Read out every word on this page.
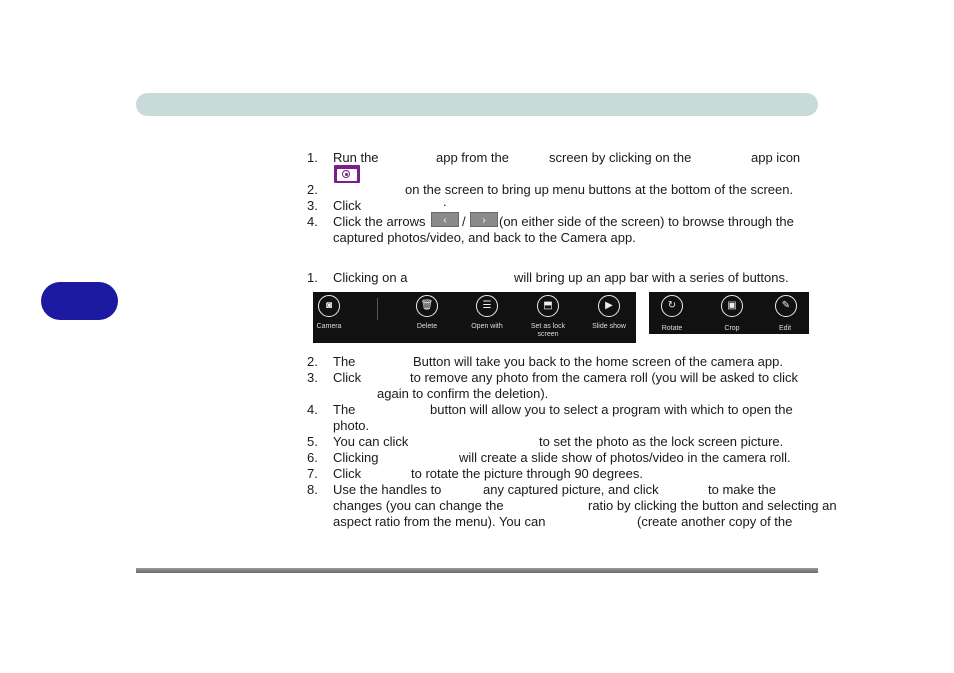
1. Run the	app from the	screen by clicking on the	app icon
2.	on the screen to bring up menu buttons at the bottom of the screen.
3. Click	.
4. Click the arrows	‹	/	›	(on either side of the screen) to browse through the
captured photos/video, and back to the Camera app.
1. Clicking on a	will bring up an app bar with a series of buttons.
◙
Camera
🗑
Delete
☰
Open with
⬒
Set as lock screen
▶
Slide show
↻
Rotate
▣
Crop
✎
Edit
2. The	Button will take you back to the home screen of the camera app.
3. Click	to remove any photo from the camera roll (you will be asked to click
again to confirm the deletion).
4. The	button will allow you to select a program with which to open the
photo.
5. You can click	to set the photo as the lock screen picture.
6. Clicking	will create a slide show of photos/video in the camera roll.
7. Click	to rotate the picture through 90 degrees.
8. Use the handles to	any captured picture, and click	to make the
changes (you can change the	ratio by clicking the button and selecting an
aspect ratio from the menu). You can	(create another copy of the
